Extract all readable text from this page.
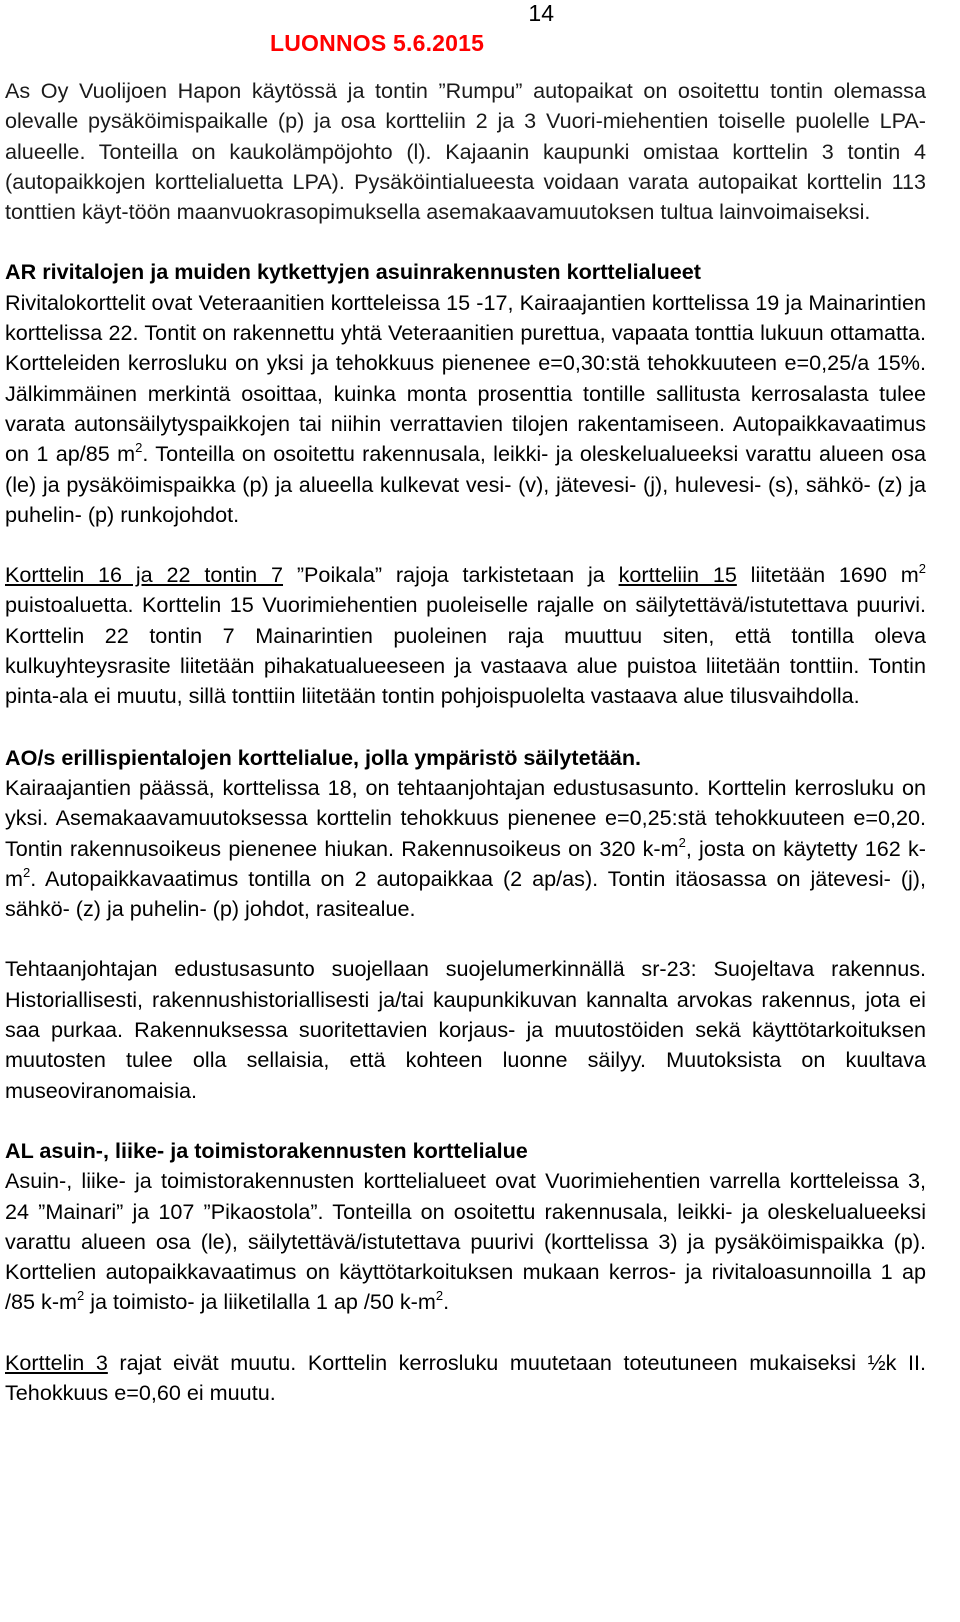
14
LUONNOS 5.6.2015

As Oy Vuolijoen Hapon käytössä ja tontin ”Rumpu” autopaikat on osoitettu tontin olemassa olevalle pysäköimispaikalle (p) ja osa kortteliin 2 ja 3 Vuori-miehentien toiselle puolelle LPA-alueelle. Tonteilla on kaukolämpöjohto (l). Kajaanin kaupunki omistaa korttelin 3 tontin 4 (autopaikkojen korttelialuetta LPA). Pysäköintialueesta voidaan varata autopaikat korttelin 113 tonttien käyt-töön maanvuokrasopimuksella asemakaavamuutoksen tultua lainvoimaiseksi.

AR rivitalojen ja muiden kytkettyjen asuinrakennusten korttelialueet
Rivitalokorttelit ovat Veteraanitien kortteleissa 15 -17, Kairaajantien korttelissa 19 ja Mainarintien korttelissa 22. Tontit on rakennettu yhtä Veteraanitien purettua, vapaata tonttia lukuun ottamatta. Kortteleiden kerrosluku on yksi ja tehokkuus pienenee e=0,30:stä tehokkuuteen e=0,25/a 15%. Jälkimmäinen merkintä osoittaa, kuinka monta prosenttia tontille sallitusta kerrosalasta tulee varata autonsäilytyspaikkojen tai niihin verrattavien tilojen rakentamiseen. Autopaikkavaatimus on 1 ap/85 $m^2$. Tonteilla on osoitettu rakennusala, leikki- ja oleskelualueeksi varattu alueen osa (le) ja pysäköimispaikka (p) ja alueella kulkevat vesi- (v), jätevesi- (j), hulevesi- (s), sähkö- (z) ja puhelin- (p) runkojohdot.

Korttelin 16 ja 22 tontin 7 ”Poikala” rajoja tarkistetaan ja kortteliin 15 liitetään 1690 $m^2$ puistoaluetta. Korttelin 15 Vuorimiehentien puoleiselle rajalle on säilytettävä/istutettava puurivi. Korttelin 22 tontin 7 Mainarintien puoleinen raja muuttuu siten, että tontilla oleva kulkuyhteysrasite liitetään pihakatualueeseen ja vastaava alue puistoa liitetään tonttiin. Tontin pinta-ala ei muutu, sillä tonttiin liitetään tontin pohjoispuolelta vastaava alue tilusvaihdolla.

AO/s erillispientalojen korttelialue, jolla ympäristö säilytetään.
Kairaajantien päässä, korttelissa 18, on tehtaanjohtajan edustusasunto. Korttelin kerrosluku on yksi. Asemakaavamuutoksessa korttelin tehokkuus pienenee e=0,25:stä tehokkuuteen e=0,20. Tontin rakennusoikeus pienenee hiukan. Rakennusoikeus on 320 $k-m^2$, josta on käytetty 162 $k-m^2$. Autopaikkavaatimus tontilla on 2 autopaikkaa (2 ap/as). Tontin itäosassa on jätevesi- (j), sähkö- (z) ja puhelin- (p) johdot, rasitealue.

Tehtaanjohtajan edustusasunto suojellaan suojelumerkinnällä sr-23: Suojeltava rakennus. Historiallisesti, rakennushistoriallisesti ja/tai kaupunkikuvan kannalta arvokas rakennus, jota ei saa purkaa. Rakennuksessa suoritettavien korjaus- ja muutostöiden sekä käyttötarkoituksen muutosten tulee olla sellaisia, että kohteen luonne säilyy. Muutoksista on kuultava museoviranomaisia.

AL asuin-, liike- ja toimistorakennusten korttelialue
Asuin-, liike- ja toimistorakennusten korttelialueet ovat Vuorimiehentien varrella kortteleissa 3, 24 ”Mainari” ja 107 ”Pikaostola”. Tonteilla on osoitettu rakennusala, leikki- ja oleskelualueeksi varattu alueen osa (le), säilytettävä/istutettava puurivi (korttelissa 3) ja pysäköimispaikka (p). Korttelien autopaikkavaatimus on käyttötarkoituksen mukaan kerros- ja rivitaloasunnoilla 1 ap /85 $k-m^2$ ja toimisto- ja liiketilalla 1 ap /50 $k-m^2$.

Korttelin 3 rajat eivät muutu. Korttelin kerrosluku muutetaan toteutuneen mukaiseksi ½k II. Tehokkuus e=0,60 ei muutu.
